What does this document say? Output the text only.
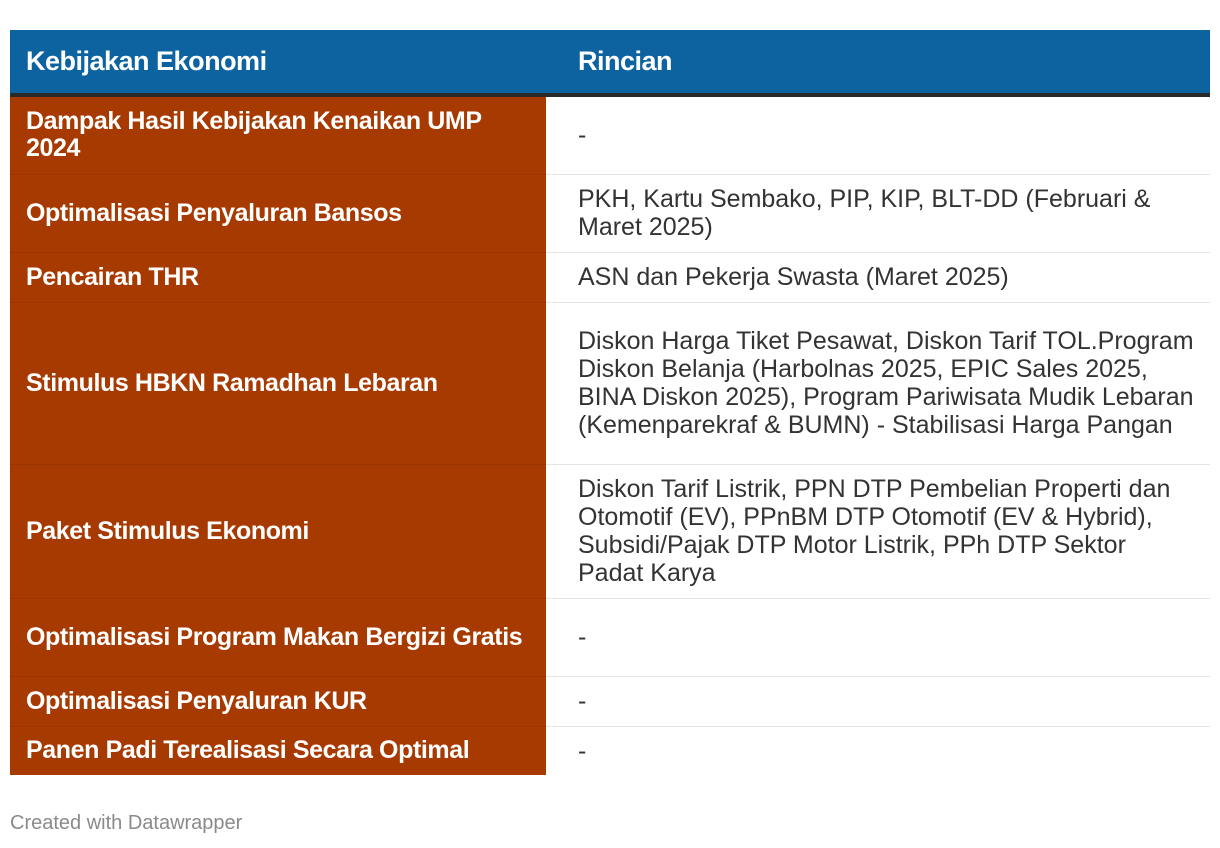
Kebijakan Ekonomi	Rincian

Dampak Hasil Kebijakan Kenaikan UMP 2024	-

Optimalisasi Penyaluran Bansos	PKH, Kartu Sembako, PIP, KIP, BLT-DD (Februari & Maret 2025)

Pencairan THR	ASN dan Pekerja Swasta (Maret 2025)

Stimulus HBKN Ramadhan Lebaran	Diskon Harga Tiket Pesawat, Diskon Tarif TOL.Program Diskon Belanja (Harbolnas 2025, EPIC Sales 2025, BINA Diskon 2025), Program Pariwisata Mudik Lebaran (Kemenparekraf & BUMN) - Stabilisasi Harga Pangan

Paket Stimulus Ekonomi	Diskon Tarif Listrik, PPN DTP Pembelian Properti dan Otomotif (EV), PPnBM DTP Otomotif (EV & Hybrid), Subsidi/Pajak DTP Motor Listrik, PPh DTP Sektor Padat Karya

Optimalisasi Program Makan Bergizi Gratis	-

Optimalisasi Penyaluran KUR	-

Panen Padi Terealisasi Secara Optimal	-
Created with Datawrapper
